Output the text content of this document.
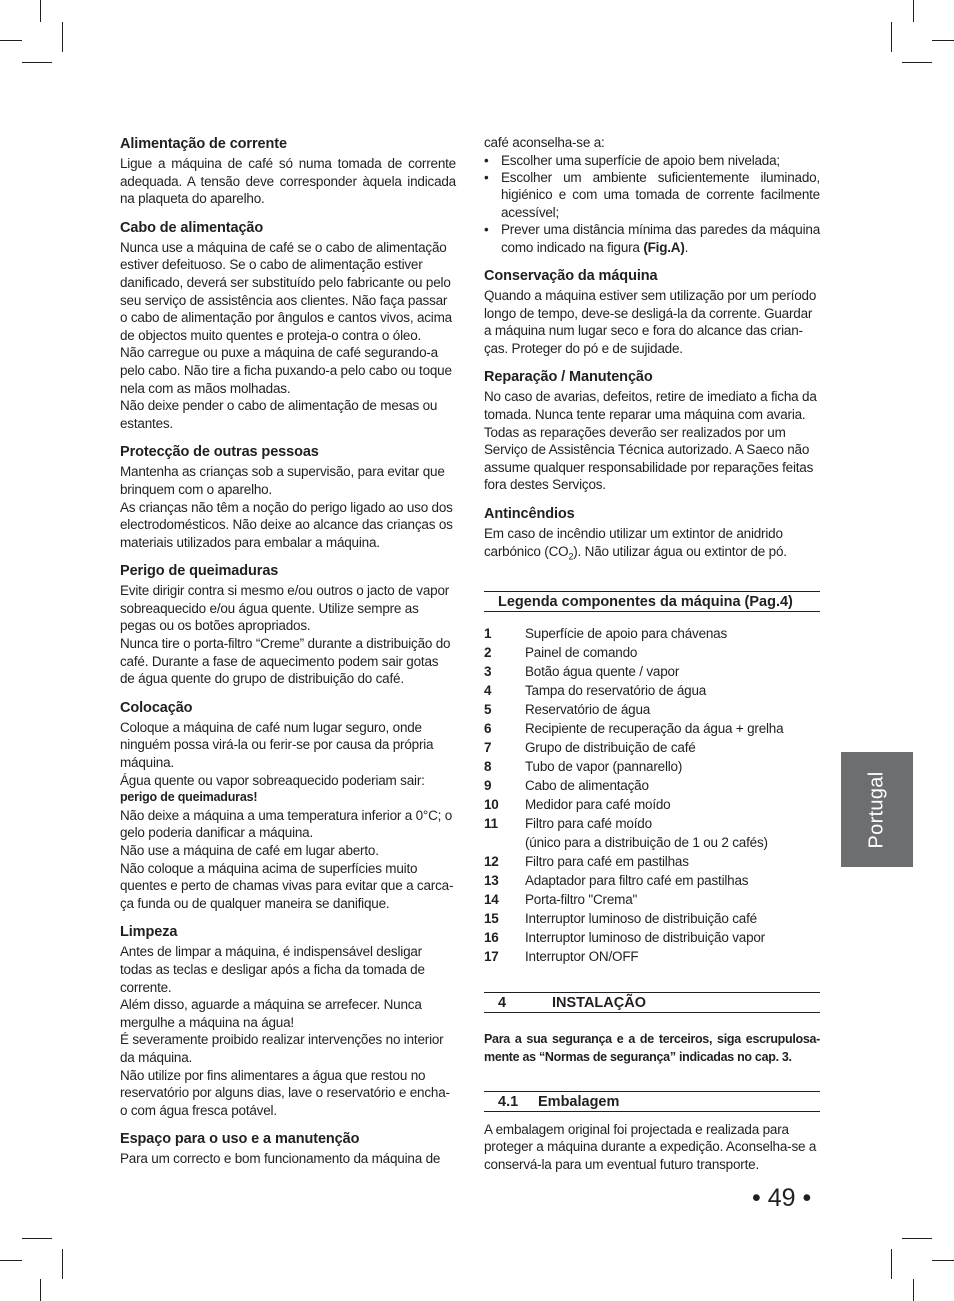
Alimentação de corrente

Ligue a máquina de café só numa tomada de corrente adequada. A tensão deve corresponder àquela indicada na plaqueta do aparelho.

Cabo de alimentação

Nunca use a máquina de café se o cabo de alimentação estiver defeituoso. Se o cabo de alimentação estiver danificado, deverá ser substituído pelo fabricante ou pelo seu serviço de assistência aos clientes. Não faça passar o cabo de alimentação por ângulos e cantos vivos, acima de objectos muito quentes e proteja-o contra o óleo.

Não carregue ou puxe a máquina de café segurando-a pelo cabo. Não tire a ficha puxando-a pelo cabo ou toque nela com as mãos molhadas.

Não deixe pender o cabo de alimentação de mesas ou estantes.

Protecção de outras pessoas

Mantenha as crianças sob a supervisão, para evitar que brinquem com o aparelho.

As crianças não têm a noção do perigo ligado ao uso dos electrodomésticos. Não deixe ao alcance das crianças os materiais utilizados para embalar a máquina.

Perigo de queimaduras

Evite dirigir contra si mesmo e/ou outros o jacto de vapor sobreaquecido e/ou água quente. Utilize sempre as pegas ou os botões apropriados.

Nunca tire o porta-filtro “Creme” durante a distribuição do café. Durante a fase de aquecimento podem sair gotas de água quente do grupo de distribuição do café.

Colocação

Coloque a máquina de café num lugar seguro, onde ninguém possa virá-la ou ferir-se por causa da própria máquina.

Água quente ou vapor sobreaquecido poderiam sair:

perigo de queimaduras!

Não deixe a máquina a uma temperatura inferior a 0°C; o gelo poderia danificar a máquina.

Não use a máquina de café em lugar aberto.

Não coloque a máquina acima de superfícies muito quentes e perto de chamas vivas para evitar que a carca-ça funda ou de qualquer maneira se danifique.

Limpeza

Antes de limpar a máquina, é indispensável desligar todas as teclas e desligar após a ficha da tomada de corrente.

Além disso, aguarde a máquina se arrefecer. Nunca mergulhe a máquina na água!

É severamente proibido realizar intervenções no interior da máquina.

Não utilize por fins alimentares a água que restou no reservatório por alguns dias, lave o reservatório e encha-o com água fresca potável.

Espaço para o uso e a manutenção

Para um correcto e bom funcionamento da máquina de

café aconselha-se a:

• Escolher uma superfície de apoio bem nivelada;
• Escolher um ambiente suficientemente iluminado, higiénico e com uma tomada de corrente facilmente acessível;
• Prever uma distância mínima das paredes da máquina como indicado na figura (Fig.A).
Conservação da máquina

Quando a máquina estiver sem utilização por um período longo de tempo, deve-se desligá-la da corrente. Guardar a máquina num lugar seco e fora do alcance das crian-ças. Proteger do pó e de sujidade.

Reparação / Manutenção

No caso de avarias, defeitos, retire de imediato a ficha da tomada. Nunca tente reparar uma máquina com avaria. Todas as reparações deverão ser realizados por um Serviço de Assistência Técnica autorizado. A Saeco não assume qualquer responsabilidade por reparações feitas fora destes Serviços.

Antincêndios

Em caso de incêndio utilizar um extintor de anidrido carbónico $(CO_2)$. Não utilizar água ou extintor de pó.

Legenda componentes da máquina (Pag.4)
1	Superfície de apoio para chávenas
2	Painel de comando
3	Botão água quente / vapor
4	Tampa do reservatório de água
5	Reservatório de água
6	Recipiente de recuperação da água + grelha
7	Grupo de distribuição de café
8	Tubo de vapor (pannarello)
9	Cabo de alimentação
10	Medidor para café moído
11	Filtro para café moído
(único para a distribuição de 1 ou 2 cafés)
12	Filtro para café em pastilhas
13	Adaptador para filtro café em pastilhas
14	Porta-filtro "Crema"
15	Interruptor luminoso de distribuição café
16	Interruptor luminoso de distribuição vapor
17	Interruptor ON/OFF
4	INSTALAÇÃO

Para a sua segurança e a de terceiros, siga escrupulosa-mente as “Normas de segurança” indicadas no cap. 3.

4.1	Embalagem

A embalagem original foi projectada e realizada para proteger a máquina durante a expedição. Aconselha-se a conservá-la para um eventual futuro transporte.

Portugal
• 49 •
